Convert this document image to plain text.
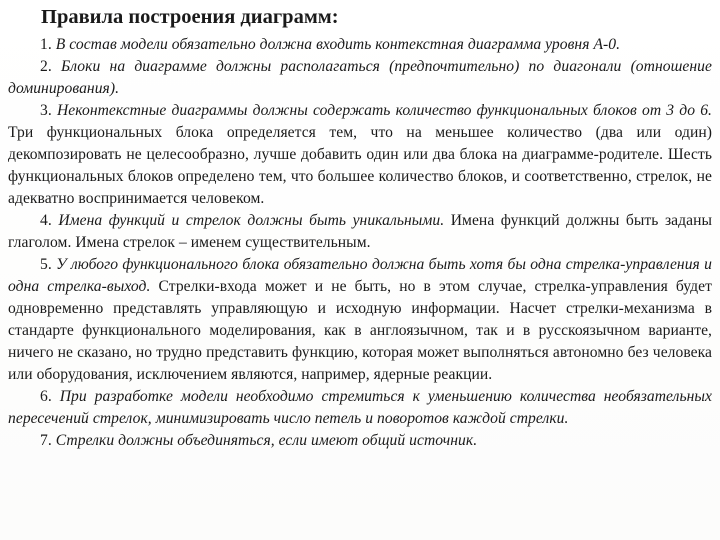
Правила построения диаграмм:

1. В состав модели обязательно должна входить контекстная диаграмма уровня А-0.

2. Блоки на диаграмме должны располагаться (предпочтительно) по диагонали (отношение доминирования).

3. Неконтекстные диаграммы должны содержать количество функциональных блоков от 3 до 6. Три функциональных блока определяется тем, что на меньшее количество (два или один) декомпозировать не целесообразно, лучше добавить один или два блока на диаграмме-родителе. Шесть функциональных блоков определено тем, что большее количество блоков, и соответственно, стрелок, не адекватно воспринимается человеком.

4. Имена функций и стрелок должны быть уникальными. Имена функций должны быть заданы глаголом. Имена стрелок – именем существительным.

5. У любого функционального блока обязательно должна быть хотя бы одна стрелка-управления и одна стрелка-выход. Стрелки-входа может и не быть, но в этом случае, стрелка-управления будет одновременно представлять управляющую и исходную информации. Насчет стрелки-механизма в стандарте функционального моделирования, как в англоязычном, так и в русскоязычном варианте, ничего не сказано, но трудно представить функцию, которая может выполняться автономно без человека или оборудования, исключением являются, например, ядерные реакции.

6. При разработке модели необходимо стремиться к уменьшению количества необязательных пересечений стрелок, минимизировать число петель и поворотов каждой стрелки.

7. Стрелки должны объединяться, если имеют общий источник.
